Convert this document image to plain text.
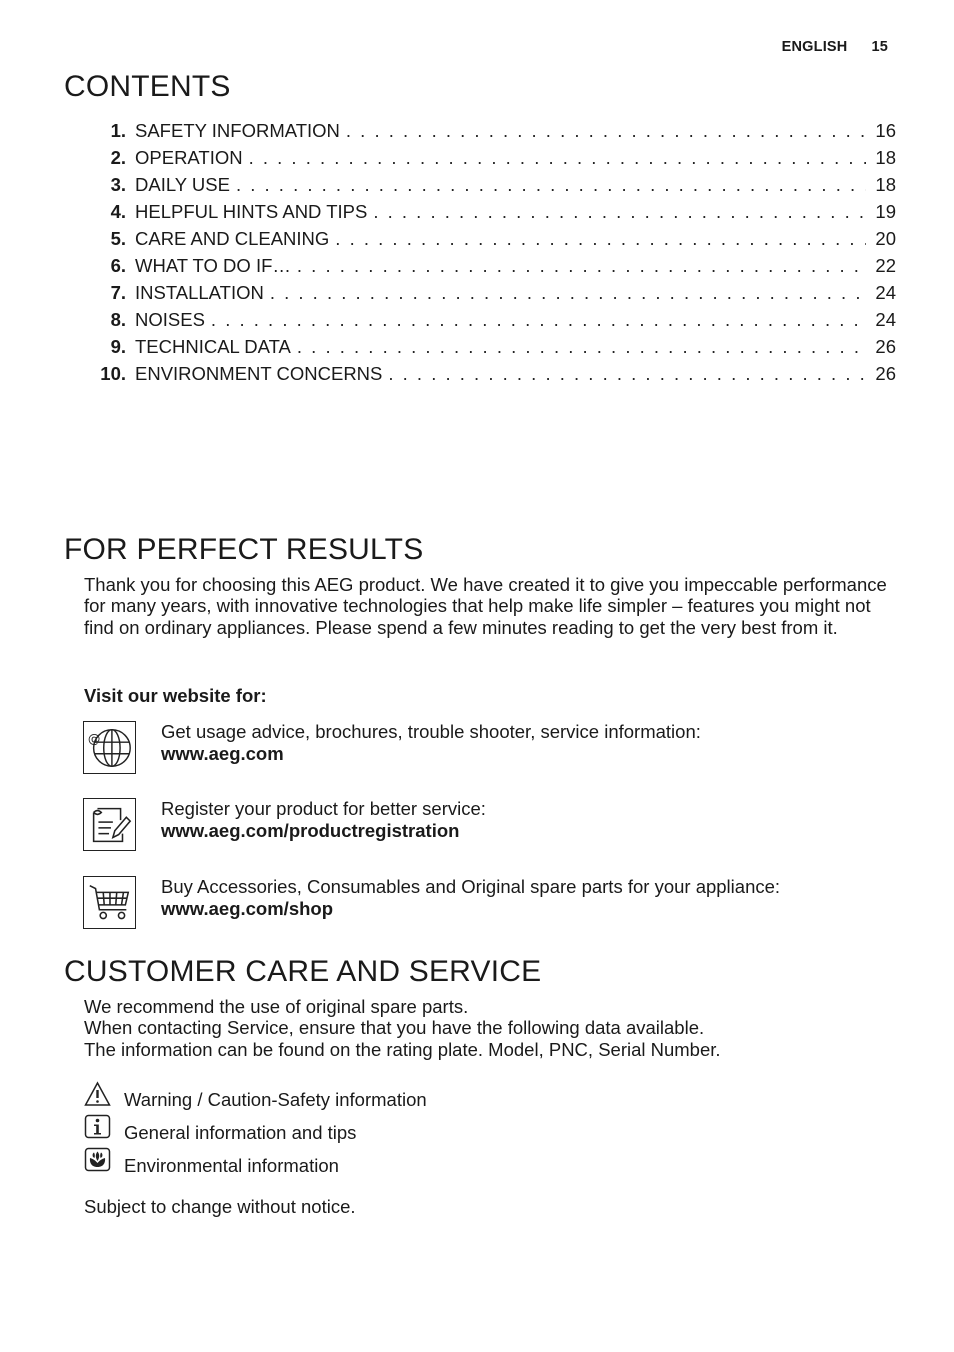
ENGLISH 15
CONTENTS
1. SAFETY INFORMATION . . .	16
2. OPERATION . . .	18
3. DAILY USE . . .	18
4. HELPFUL HINTS AND TIPS . . .	19
5. CARE AND CLEANING . . .	20
6. WHAT TO DO IF… . . .	22
7. INSTALLATION . . .	24
8. NOISES . . .	24
9. TECHNICAL DATA . . .	26
10. ENVIRONMENT CONCERNS . . .	26
FOR PERFECT RESULTS
Thank you for choosing this AEG product. We have created it to give you impeccable performance for many years, with innovative technologies that help make life simpler – features you might not find on ordinary appliances. Please spend a few minutes reading to get the very best from it.
Visit our website for:
@	Get usage advice, brochures, trouble shooter, service information:
www.aeg.com
Register your product for better service:
www.aeg.com/productregistration
Buy Accessories, Consumables and Original spare parts for your appliance:
www.aeg.com/shop
CUSTOMER CARE AND SERVICE
We recommend the use of original spare parts.
When contacting Service, ensure that you have the following data available.
The information can be found on the rating plate. Model, PNC, Serial Number.
Warning / Caution-Safety information
General information and tips
Environmental information
Subject to change without notice.
